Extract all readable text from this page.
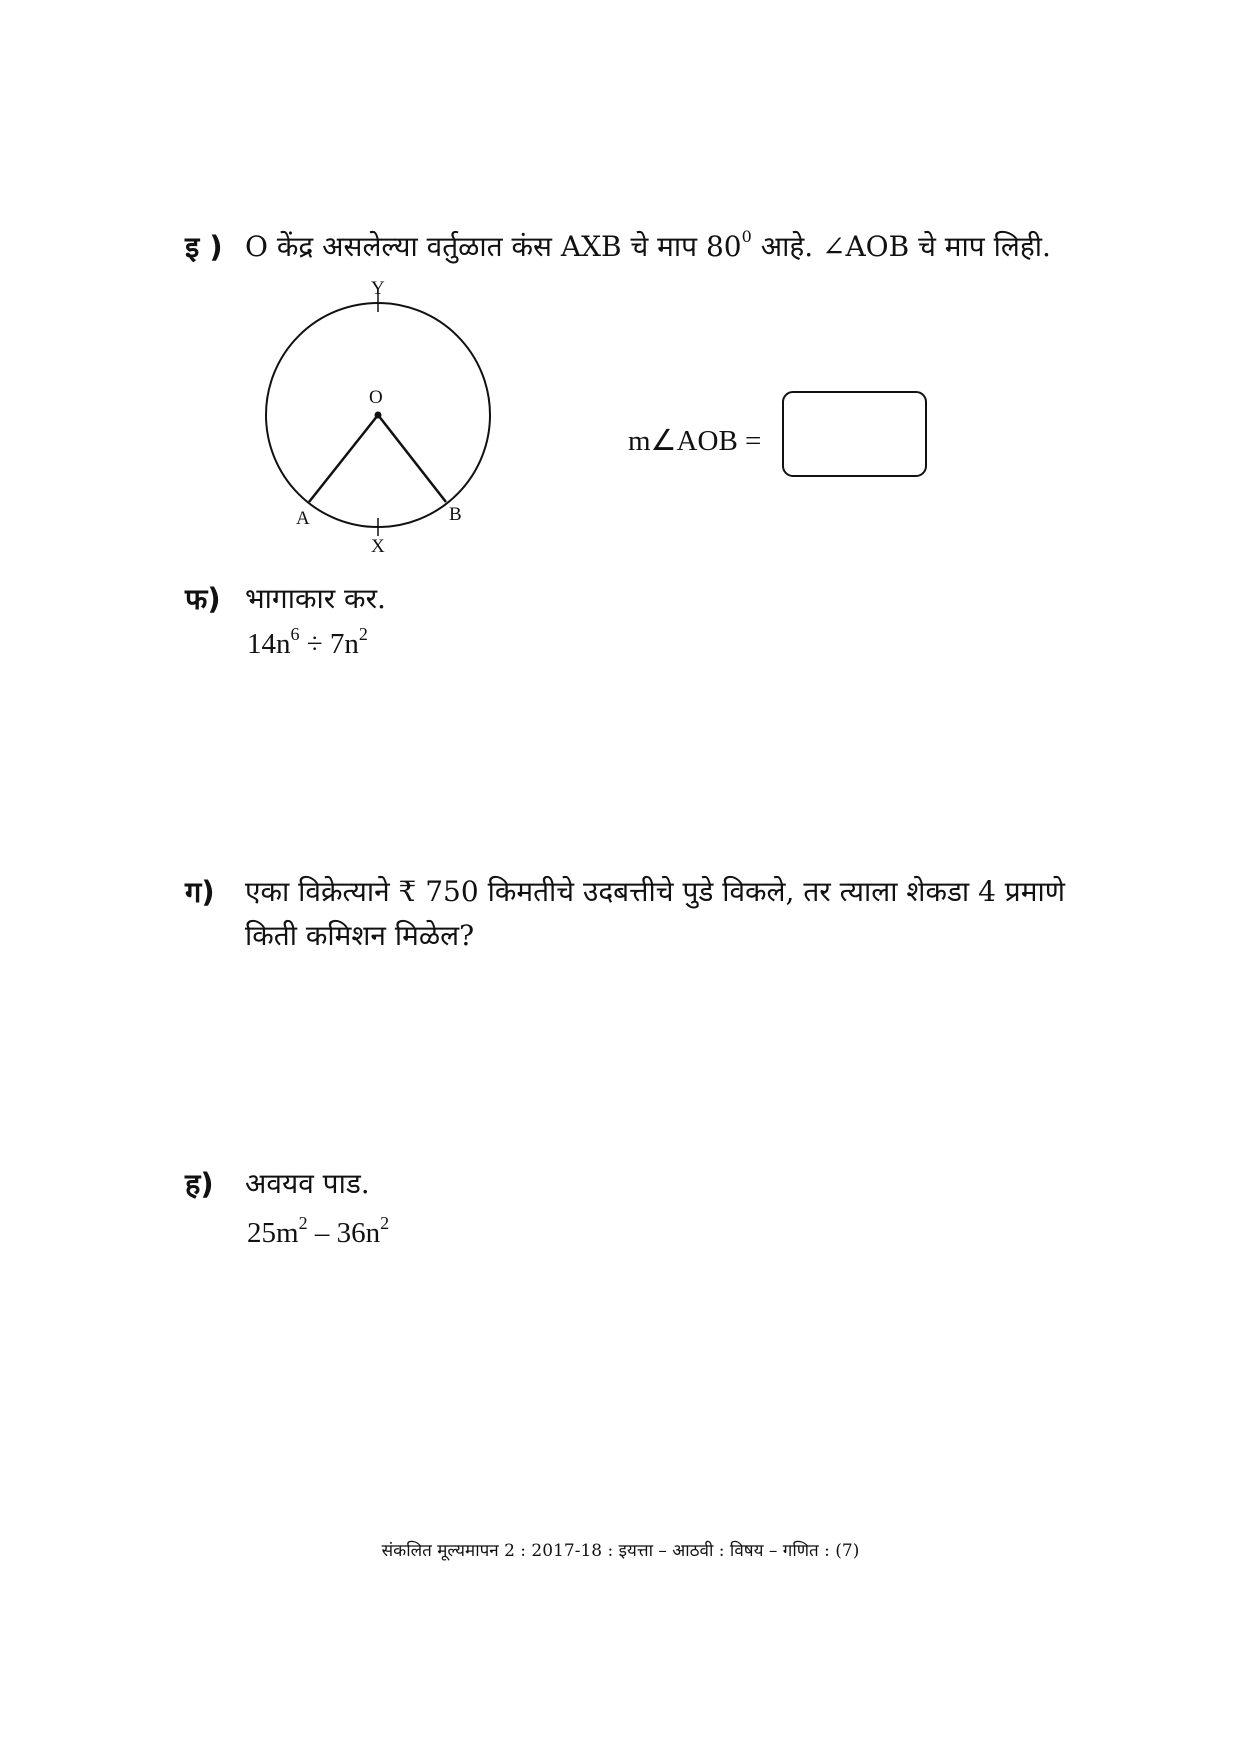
इ ) O केंद्र असलेल्या वर्तुळात कंस AXB चे माप $80^0$ आहे. ∠AOB चे माप लिही.
Y
O
A	B
X
m∠AOB =
फ) भागाकार कर.
$14n^6 \div 7n^2$
ग) एका विक्रेत्याने ₹ 750 किमतीचे उदबत्तीचे पुडे विकले, तर त्याला शेकडा 4 प्रमाणे
किती कमिशन मिळेल?
ह) अवयव पाड.
$25m^2 - 36n^2$
संकलित मूल्यमापन 2 : 2017-18 : इयत्ता – आठवी : विषय – गणित : (7)
